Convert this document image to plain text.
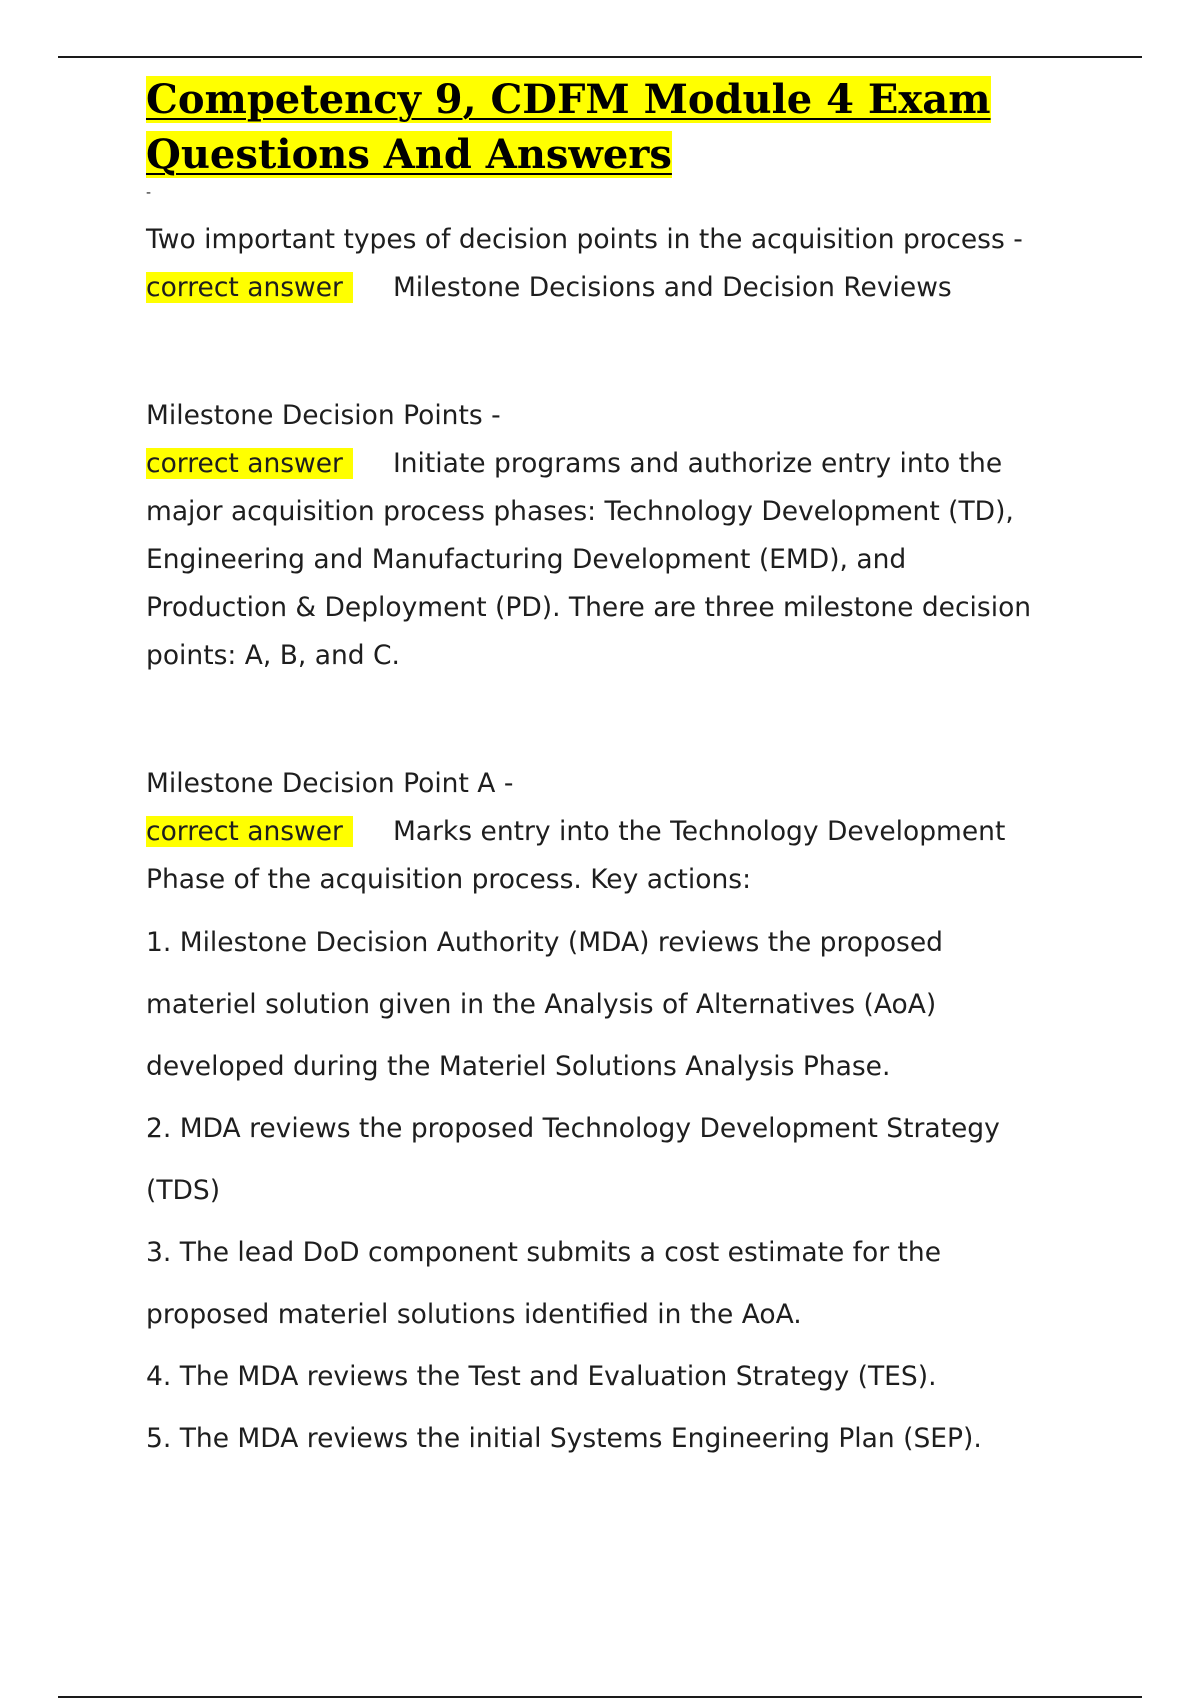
Competency 9, CDFM Module 4 Exam
Questions And Answers
-

Two important types of decision points in the acquisition process -

correct answer Milestone Decisions and Decision Reviews

Milestone Decision Points -

correct answer Initiate programs and authorize entry into the

major acquisition process phases: Technology Development (TD),

Engineering and Manufacturing Development (EMD), and

Production & Deployment (PD). There are three milestone decision

points: A, B, and C.

Milestone Decision Point A -

correct answer Marks entry into the Technology Development

Phase of the acquisition process. Key actions:

1. Milestone Decision Authority (MDA) reviews the proposed

materiel solution given in the Analysis of Alternatives (AoA)

developed during the Materiel Solutions Analysis Phase.

2. MDA reviews the proposed Technology Development Strategy

(TDS)

3. The lead DoD component submits a cost estimate for the

proposed materiel solutions identified in the AoA.

4. The MDA reviews the Test and Evaluation Strategy (TES).

5. The MDA reviews the initial Systems Engineering Plan (SEP).
